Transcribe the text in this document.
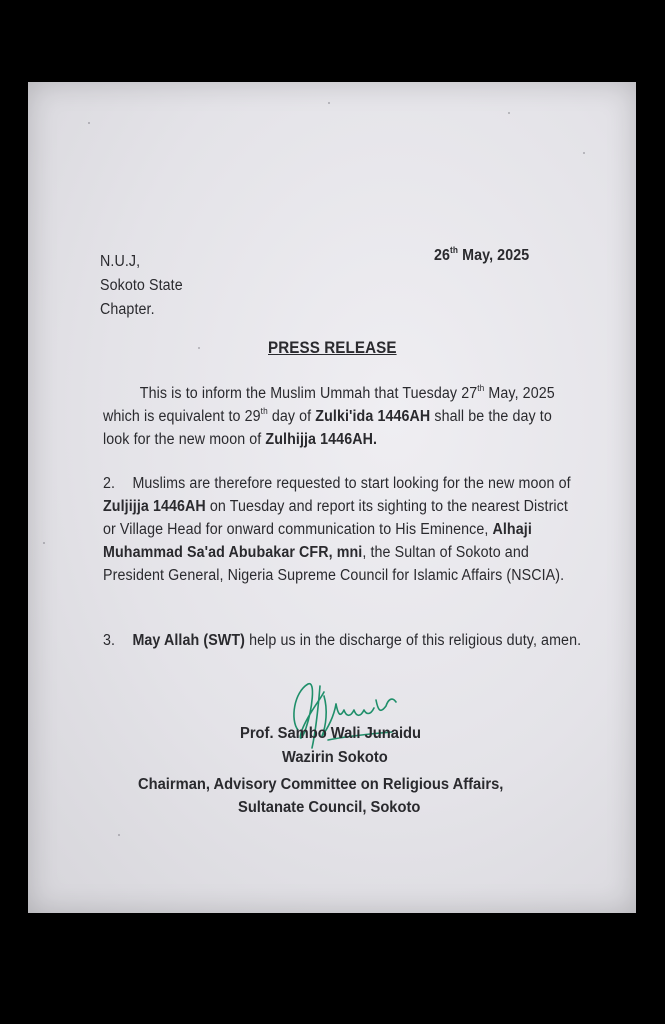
N.U.J,
Sokoto State
Chapter.
26th May, 2025
PRESS RELEASE
This is to inform the Muslim Ummah that Tuesday 27th May, 2025 which is equivalent to 29th day of Zulki'ida 1446AH shall be the day to look for the new moon of Zulhijja 1446AH.
2. Muslims are therefore requested to start looking for the new moon of Zuljijja 1446AH on Tuesday and report its sighting to the nearest District or Village Head for onward communication to His Eminence, Alhaji Muhammad Sa'ad Abubakar CFR, mni, the Sultan of Sokoto and President General, Nigeria Supreme Council for Islamic Affairs (NSCIA).
3. May Allah (SWT) help us in the discharge of this religious duty, amen.
Prof. Sambo Wali Junaidu
Wazirin Sokoto
Chairman, Advisory Committee on Religious Affairs,
Sultanate Council, Sokoto
